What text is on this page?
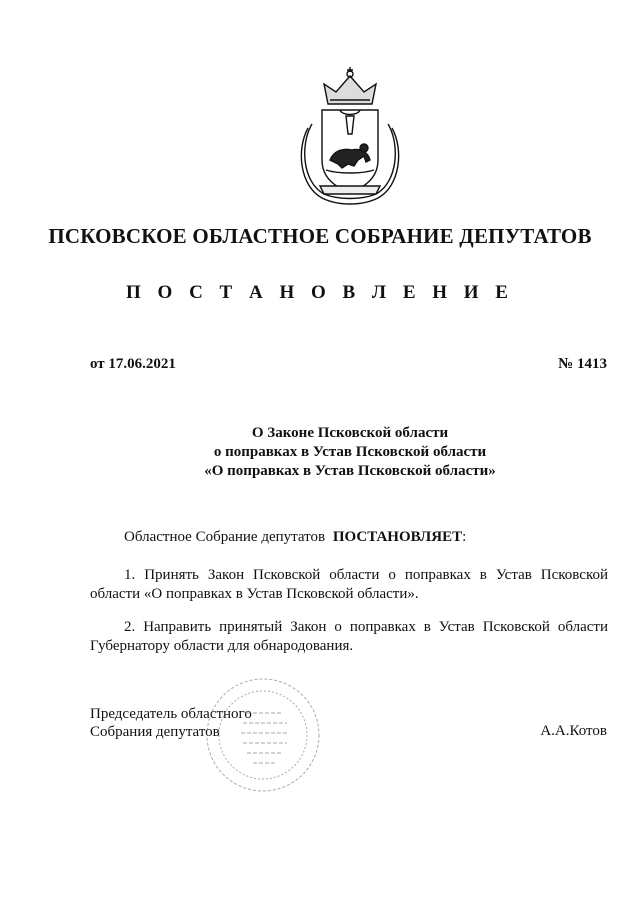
ПСКОВСКОЕ ОБЛАСТНОЕ СОБРАНИЕ ДЕПУТАТОВ
П О С Т А Н О В Л Е Н И Е
от 17.06.2021	№ 1413
О Законе Псковской области
о поправках в Устав Псковской области
«О поправках в Устав Псковской области»
Областное Собрание депутатов ПОСТАНОВЛЯЕТ:
1. Принять Закон Псковской области о поправках в Устав Псковской области «О поправках в Устав Псковской области».
2. Направить принятый Закон о поправках в Устав Псковской области Губернатору области для обнародования.
Председатель областного
Собрания депутатов	А.А.Котов
